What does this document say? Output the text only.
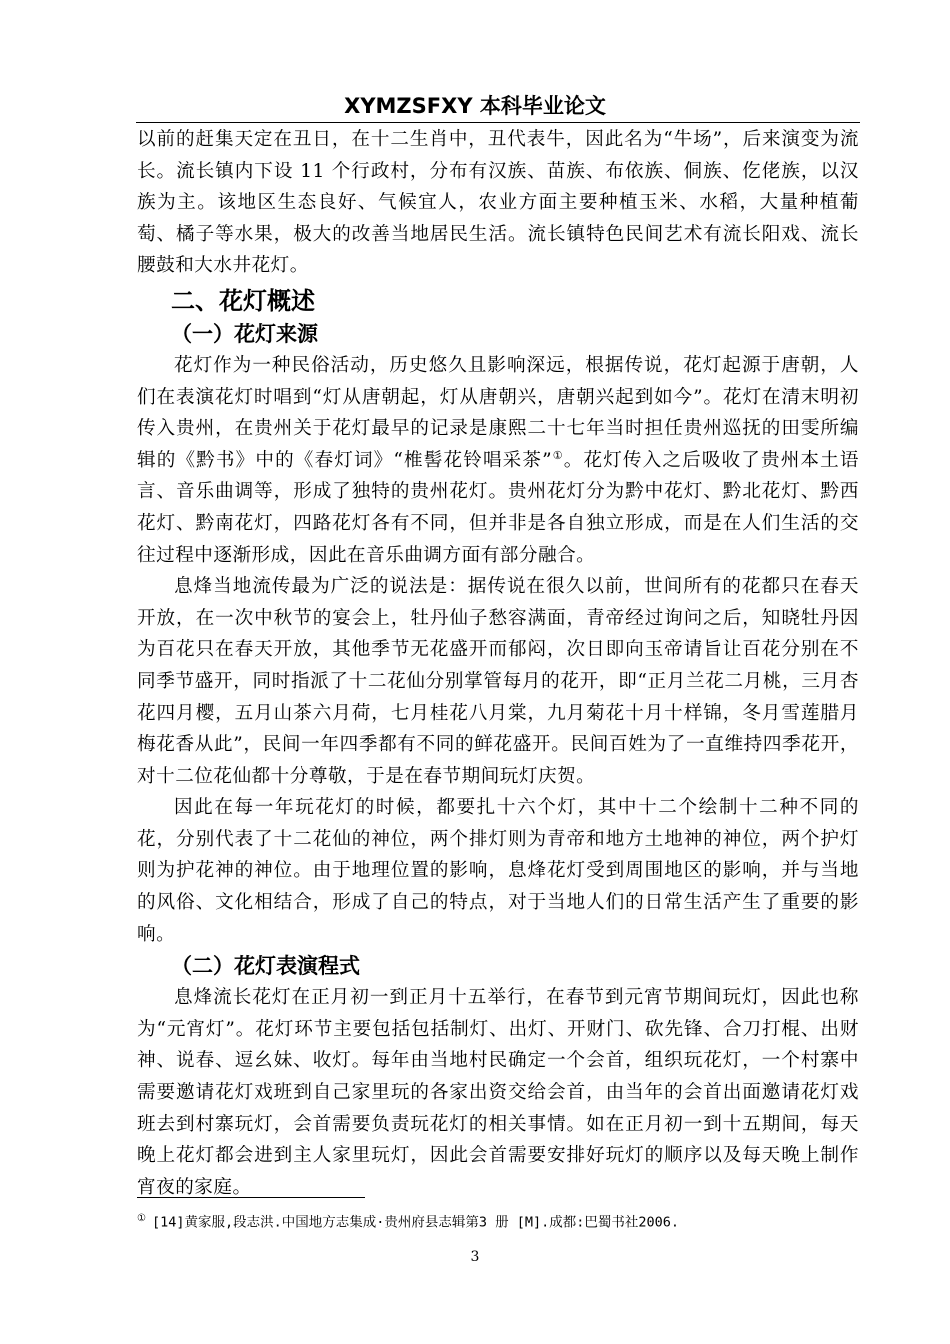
XYMZSFXY 本科毕业论文

以前的赶集天定在丑日，在十二生肖中，丑代表牛，因此名为“牛场”，后来演变为流长。流长镇内下设 11 个行政村，分布有汉族、苗族、布依族、侗族、仡佬族，以汉族为主。该地区生态良好、气候宜人，农业方面主要种植玉米、水稻，大量种植葡萄、橘子等水果，极大的改善当地居民生活。流长镇特色民间艺术有流长阳戏、流长腰鼓和大水井花灯。

二、花灯概述
（一）花灯来源

花灯作为一种民俗活动，历史悠久且影响深远，根据传说，花灯起源于唐朝，人们在表演花灯时唱到“灯从唐朝起，灯从唐朝兴，唐朝兴起到如今”。花灯在清末明初传入贵州，在贵州关于花灯最早的记录是康熙二十七年当时担任贵州巡抚的田雯所编辑的《黔书》中的《春灯词》“椎髻花铃唱采茶”①。花灯传入之后吸收了贵州本土语言、音乐曲调等，形成了独特的贵州花灯。贵州花灯分为黔中花灯、黔北花灯、黔西花灯、黔南花灯，四路花灯各有不同，但并非是各自独立形成，而是在人们生活的交往过程中逐渐形成，因此在音乐曲调方面有部分融合。

息烽当地流传最为广泛的说法是：据传说在很久以前，世间所有的花都只在春天开放，在一次中秋节的宴会上，牡丹仙子愁容满面，青帝经过询问之后，知晓牡丹因为百花只在春天开放，其他季节无花盛开而郁闷，次日即向玉帝请旨让百花分别在不同季节盛开，同时指派了十二花仙分别掌管每月的花开，即“正月兰花二月桃，三月杏花四月樱，五月山茶六月荷，七月桂花八月棠，九月菊花十月十样锦，冬月雪莲腊月梅花香从此”，民间一年四季都有不同的鲜花盛开。民间百姓为了一直维持四季花开，对十二位花仙都十分尊敬，于是在春节期间玩灯庆贺。

因此在每一年玩花灯的时候，都要扎十六个灯，其中十二个绘制十二种不同的花，分别代表了十二花仙的神位，两个排灯则为青帝和地方土地神的神位，两个护灯则为护花神的神位。由于地理位置的影响，息烽花灯受到周围地区的影响，并与当地的风俗、文化相结合，形成了自己的特点，对于当地人们的日常生活产生了重要的影响。

（二）花灯表演程式

息烽流长花灯在正月初一到正月十五举行，在春节到元宵节期间玩灯，因此也称为“元宵灯”。花灯环节主要包括包括制灯、出灯、开财门、砍先锋、合刀打棍、出财神、说春、逗幺妹、收灯。每年由当地村民确定一个会首，组织玩花灯，一个村寨中需要邀请花灯戏班到自己家里玩的各家出资交给会首，由当年的会首出面邀请花灯戏班去到村寨玩灯，会首需要负责玩花灯的相关事情。如在正月初一到十五期间，每天晚上花灯都会进到主人家里玩灯，因此会首需要安排好玩灯的顺序以及每天晚上制作宵夜的家庭。

① [14]黄家服,段志洪.中国地方志集成·贵州府县志辑第3 册 [M].成都:巴蜀书社2006.
3
